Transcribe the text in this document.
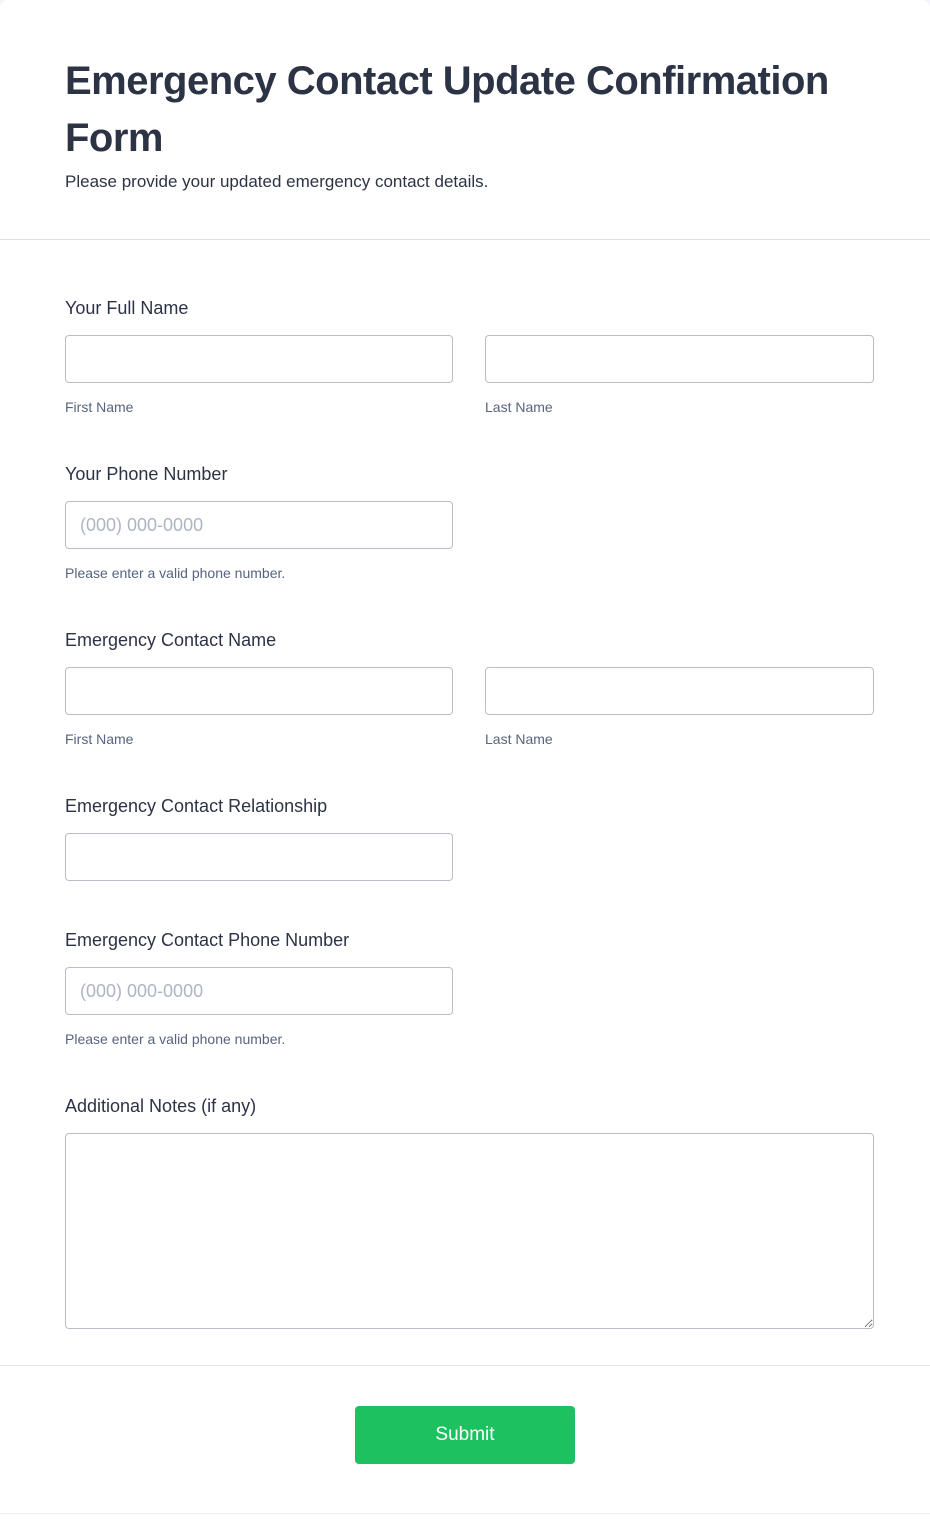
Emergency Contact Update Confirmation Form
Please provide your updated emergency contact details.
Your Full Name
First Name	Last Name
Your Phone Number
(000) 000-0000
Please enter a valid phone number.
Emergency Contact Name
First Name	Last Name
Emergency Contact Relationship
Emergency Contact Phone Number
(000) 000-0000
Please enter a valid phone number.
Additional Notes (if any)
Submit
